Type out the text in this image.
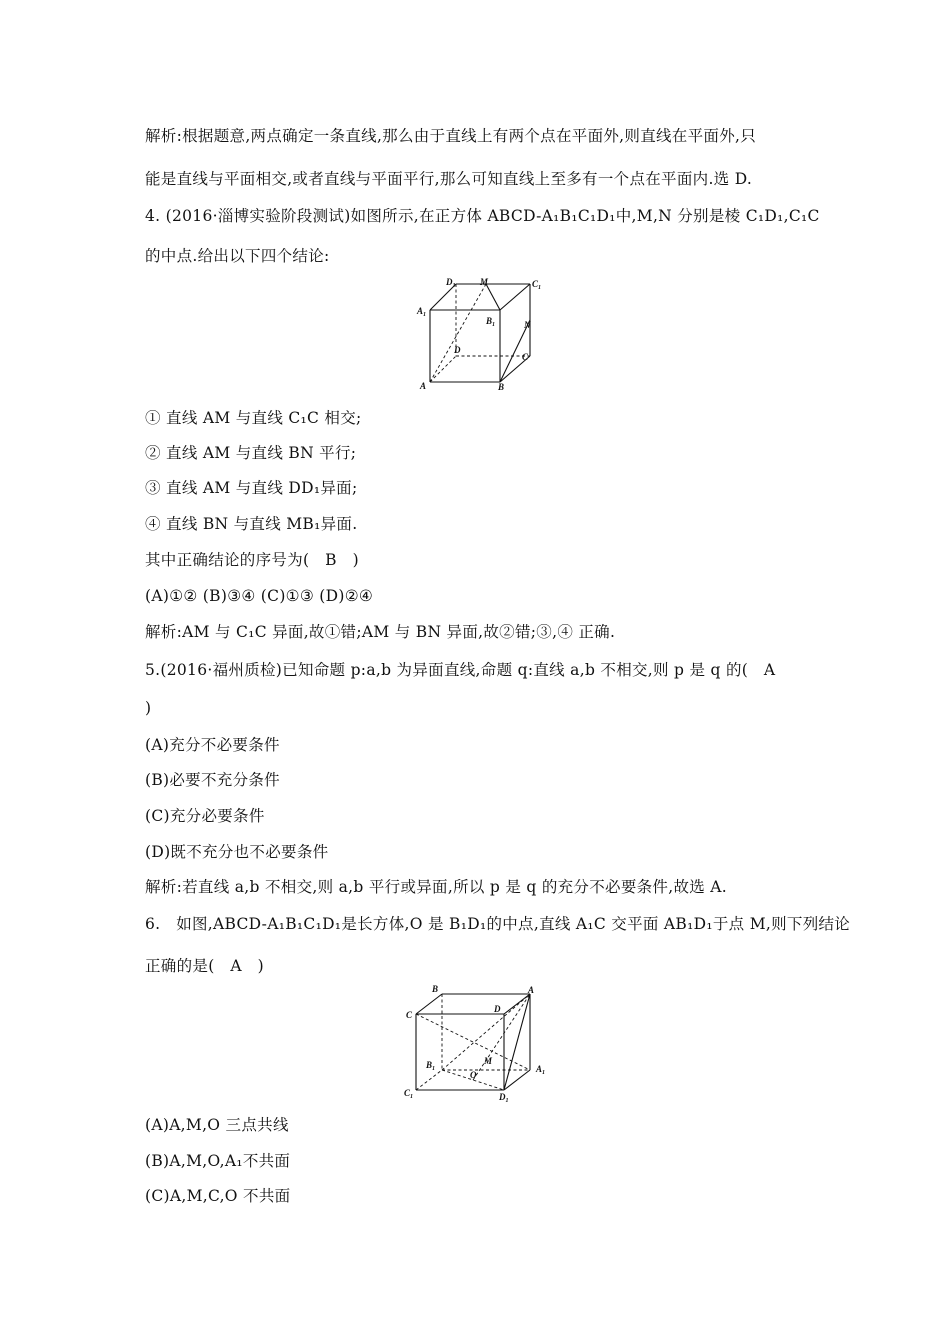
解析:根据题意,两点确定一条直线,那么由于直线上有两个点在平面外,则直线在平面外,只
能是直线与平面相交,或者直线与平面平行,那么可知直线上至多有一个点在平面内.选 D.
4. (2016·淄博实验阶段测试)如图所示,在正方体 ABCD-A₁B₁C₁D₁中,M,N 分别是棱 C₁D₁,C₁C
的中点.给出以下四个结论:
$D_1$	M	$C_1$
$A_1$
$B_1$	N
D
C
A	B
① 直线 AM 与直线 C₁C 相交;
② 直线 AM 与直线 BN 平行;
③ 直线 AM 与直线 DD₁异面;
④ 直线 BN 与直线 MB₁异面.
其中正确结论的序号为(　B　)
(A)①② (B)③④ (C)①③ (D)②④
解析:AM 与 C₁C 异面,故①错;AM 与 BN 异面,故②错;③,④ 正确.
5.(2016·福州质检)已知命题 p:a,b 为异面直线,命题 q:直线 a,b 不相交,则 p 是 q 的(　A
)
(A)充分不必要条件
(B)必要不充分条件
(C)充分必要条件
(D)既不充分也不必要条件
解析:若直线 a,b 不相交,则 a,b 平行或异面,所以 p 是 q 的充分不必要条件,故选 A.
6.　如图,ABCD-A₁B₁C₁D₁是长方体,O 是 B₁D₁的中点,直线 A₁C 交平面 AB₁D₁于点 M,则下列结论
正确的是(　A　)
B	A
C
D
$B_1$
M
O
$A_1$
$C_1$	$D_1$
(A)A,M,O 三点共线
(B)A,M,O,A₁不共面
(C)A,M,C,O 不共面
